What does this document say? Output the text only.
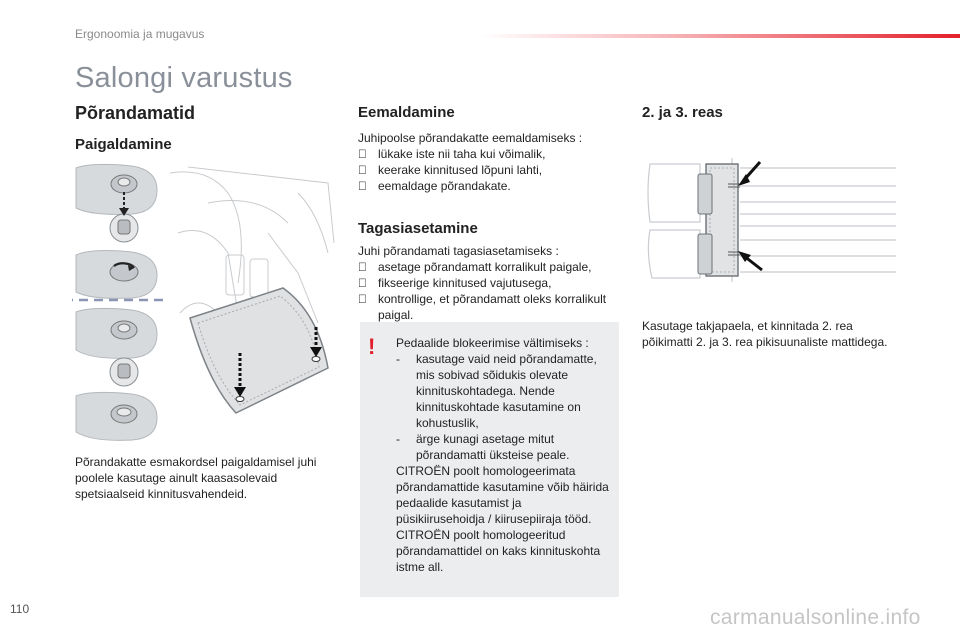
Ergonoomia ja mugavus
Salongi varustus
Põrandamatid
Paigaldamine
Põrandakatte esmakordsel paigaldamisel juhi poolele kasutage ainult kaasasolevaid spetsiaalseid kinnitusvahendeid.
Eemaldamine
Juhipoolse põrandakatte eemaldamiseks :
lükake iste nii taha kui võimalik,
keerake kinnitused lõpuni lahti,
eemaldage põrandakate.
Tagasiasetamine
Juhi põrandamati tagasiasetamiseks :
asetage põrandamatt korralikult paigale,
fikseerige kinnitused vajutusega,
kontrollige, et põrandamatt oleks korralikult paigal.
!	Pedaalide blokeerimise vältimiseks :
- kasutage vaid neid põrandamatte, mis sobivad sõidukis olevate kinnituskohtadega. Nende kinnituskohtade kasutamine on kohustuslik,
- ärge kunagi asetage mitut põrandamatti üksteise peale.
CITROËN poolt homologeerimata põrandamattide kasutamine võib häirida pedaalide kasutamist ja püsikiirusehoidja / kiirusepiiraja tööd.
CITROËN poolt homologeeritud põrandamattidel on kaks kinnituskohta istme all.
2. ja 3. reas
Kasutage takjapaela, et kinnitada 2. rea põikimatti 2. ja 3. rea pikisuunaliste mattidega.
110	carmanualsonline.info
